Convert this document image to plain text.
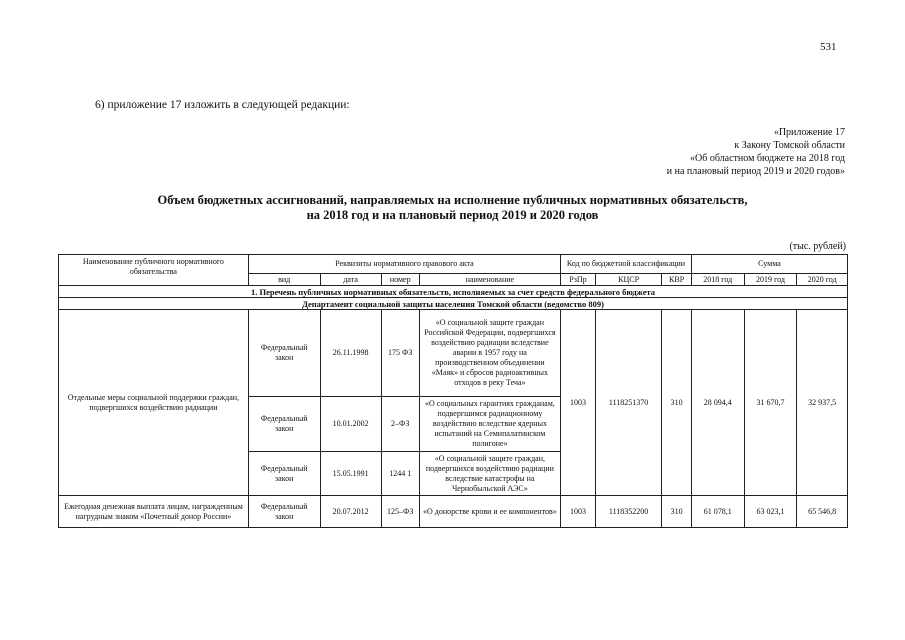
531
6) приложение 17 изложить в следующей редакции:
«Приложение 17
к Закону Томской области
«Об областном бюджете на 2018 год
и на плановый период 2019 и 2020 годов»
Объем бюджетных ассигнований, направляемых на исполнение публичных нормативных обязательств,
на 2018 год и на плановый период 2019 и 2020 годов
(тыс. рублей)
Наименование публичного нормативного обязательства	Реквизиты нормативного правового акта				Код по бюджетной классификации			Сумма		
	вид	дата	номер	наименование	РзПр	КЦСР	КВР	2018 год	2019 год	2020 год
1. Перечень публичных нормативных обязательств, исполняемых за счет средств федерального бюджета										
Департамент социальной защиты населения Томской области (ведомство 809)										
Отдельные меры социальной поддержки граждан, подвергшихся воздействию радиации	Федеральный закон	26.11.1998	175 ФЗ	«О социальной защите граждан Российской Федерации, подвергшихся воздействию радиации вследствие аварии в 1957 году на производственном объединении «Маяк» и сбросов радиоактивных отходов в реку Теча»	1003	1118251370	310	28 094,4	31 670,7	32 937,5
	Федеральный закон	10.01.2002	2–ФЗ	«О социальных гарантиях гражданам, подвергшимся радиационному воздействию вследствие ядерных испытаний на Семипалатинском полигоне»						
	Федеральный закон	15.05.1991	1244 1	«О социальной защите граждан, подвергшихся воздействию радиации вследствие катастрофы на Чернобыльской АЭС»						
Ежегодная денежная выплата лицам, награжденным нагрудным знаком «Почетный донор России»	Федеральный закон	20.07.2012	125–ФЗ	«О донорстве крови и ее компонентов»	1003	1118352200	310	61 078,1	63 023,1	65 546,8
